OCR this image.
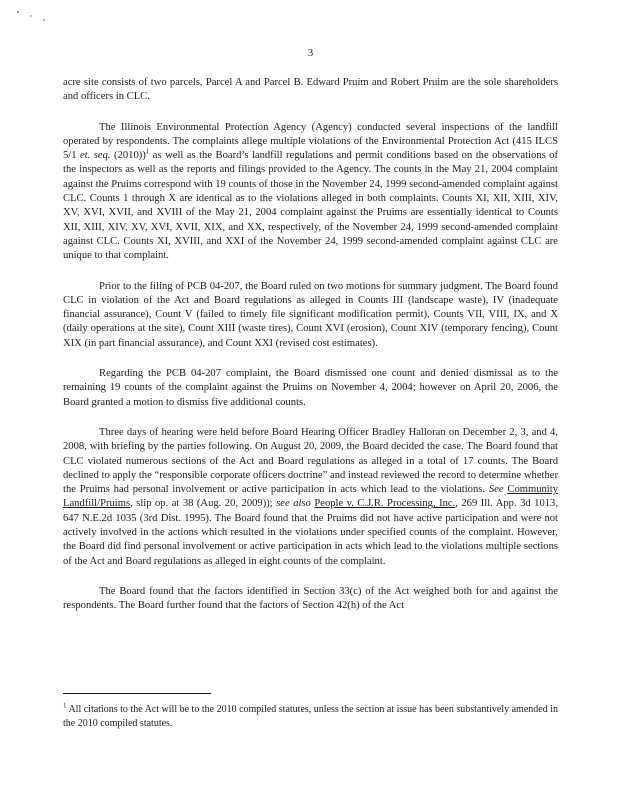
3

acre site consists of two parcels, Parcel A and Parcel B. Edward Pruim and Robert Pruim are the sole shareholders and officers in CLC.

The Illinois Environmental Protection Agency (Agency) conducted several inspections of the landfill operated by respondents. The complaints allege multiple violations of the Environmental Protection Act (415 ILCS 5/1 et. seq. (2010))$^1$ as well as the Board’s landfill regulations and permit conditions based on the observations of the inspectors as well as the reports and filings provided to the Agency. The counts in the May 21, 2004 complaint against the Pruims correspond with 19 counts of those in the November 24, 1999 second-amended complaint against CLC. Counts 1 through X are identical as to the violations alleged in both complaints. Counts XI, XII, XIII, XIV, XV, XVI, XVII, and XVIII of the May 21, 2004 complaint against the Pruims are essentially identical to Counts XII, XIII, XIV, XV, XVI, XVII, XIX, and XX, respectively, of the November 24, 1999 second-amended complaint against CLC. Counts XI, XVIII, and XXI of the November 24, 1999 second-amended complaint against CLC are unique to that complaint.

Prior to the filing of PCB 04-207, the Board ruled on two motions for summary judgment. The Board found CLC in violation of the Act and Board regulations as alleged in Counts III (landscape waste), IV (inadequate financial assurance), Count V (failed to timely file significant modification permit), Counts VII, VIII, IX, and X (daily operations at the site), Count XIII (waste tires), Count XVI (erosion), Count XIV (temporary fencing), Count XIX (in part financial assurance), and Count XXI (revised cost estimates).

Regarding the PCB 04-207 complaint, the Board dismissed one count and denied dismissal as to the remaining 19 counts of the complaint against the Pruims on November 4, 2004; however on April 20, 2006, the Board granted a motion to dismiss five additional counts.

Three days of hearing were held before Board Hearing Officer Bradley Halloran on December 2, 3, and 4, 2008, with briefing by the parties following. On August 20, 2009, the Board decided the case. The Board found that CLC violated numerous sections of the Act and Board regulations as alleged in a total of 17 counts. The Board declined to apply the “responsible corporate officers doctrine” and instead reviewed the record to determine whether the Pruims had personal involvement or active participation in acts which lead to the violations. See Community Landfill/Pruims, slip op. at 38 (Aug. 20, 2009)); see also People v. C.J.R. Processing, Inc., 269 Ill. App. 3d 1013, 647 N.E.2d 1035 (3rd Dist. 1995). The Board found that the Pruims did not have active participation and were not actively involved in the actions which resulted in the violations under specified counts of the complaint. However, the Board did find personal involvement or active participation in acts which lead to the violations multiple sections of the Act and Board regulations as alleged in eight counts of the complaint.

The Board found that the factors identified in Section 33(c) of the Act weighed both for and against the respondents. The Board further found that the factors of Section 42(h) of the Act

$^1$ All citations to the Act will be to the 2010 compiled statutes, unless the section at issue has been substantively amended in the 2010 compiled statutes.
